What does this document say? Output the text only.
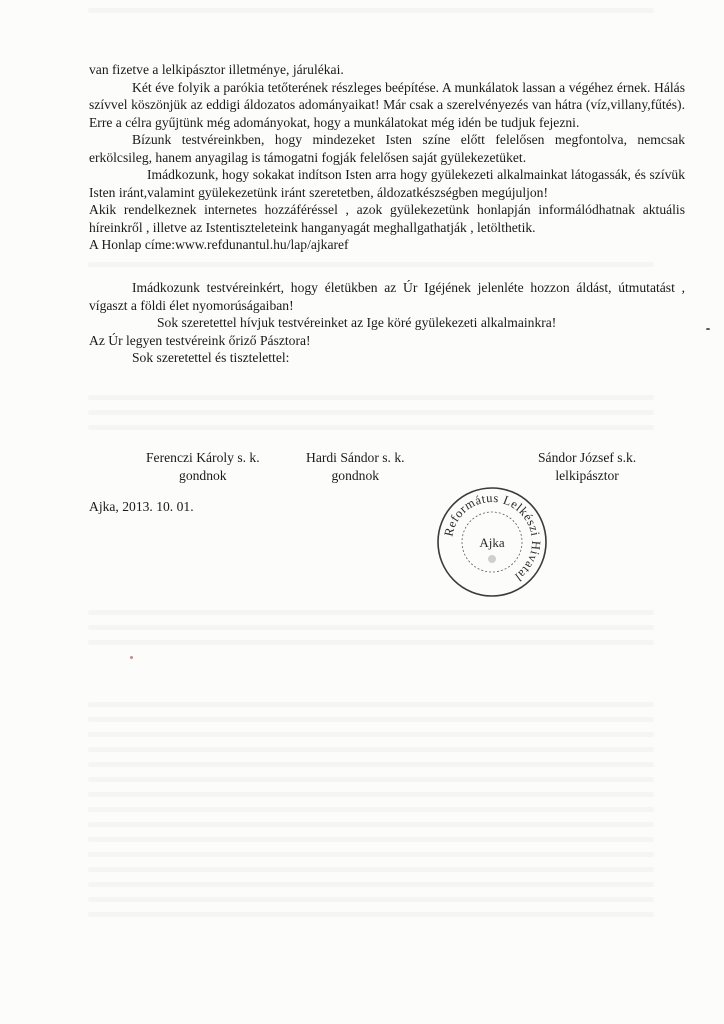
van fizetve a lelkipásztor illetménye, járulékai.

Két éve folyik a parókia tetőterének részleges beépítése. A munkálatok lassan a végéhez érnek. Hálás szívvel köszönjük az eddigi áldozatos adományaikat! Már csak a szerelvényezés van hátra (víz,villany,fűtés). Erre a célra gyűjtünk még adományokat, hogy a munkálatokat még idén be tudjuk fejezni.

Bízunk testvéreinkben, hogy mindezeket Isten színe előtt felelősen megfontolva, nemcsak erkölcsileg, hanem anyagilag is támogatni fogják felelősen saját gyülekezetüket.

Imádkozunk, hogy sokakat indítson Isten arra hogy gyülekezeti alkalmainkat látogassák, és szívük Isten iránt,valamint gyülekezetünk iránt szeretetben, áldozatkészségben megújuljon!

Akik rendelkeznek internetes hozzáféréssel , azok gyülekezetünk honlapján informálódhatnak aktuális híreinkről , illetve az Istentiszteleteink hanganyagát meghallgathatják , letölthetik.

A Honlap címe:www.refdunantul.hu/lap/ajkaref

Imádkozunk testvéreinkért, hogy életükben az Úr Igéjének jelenléte hozzon áldást, útmutatást , vígaszt a földi élet nyomorúságaiban!

Sok szeretettel hívjuk testvéreinket az Ige köré gyülekezeti alkalmainkra!

Az Úr legyen testvéreink őriző Pásztora!

Sok szeretettel és tisztelettel:

Ferenczi Károly s. k.
gondnok
Hardi Sándor s. k.
gondnok
Sándor József s.k.
lelkipásztor
Ajka, 2013. 10. 01.
Református Lelkészi Hivatal
Ajka
